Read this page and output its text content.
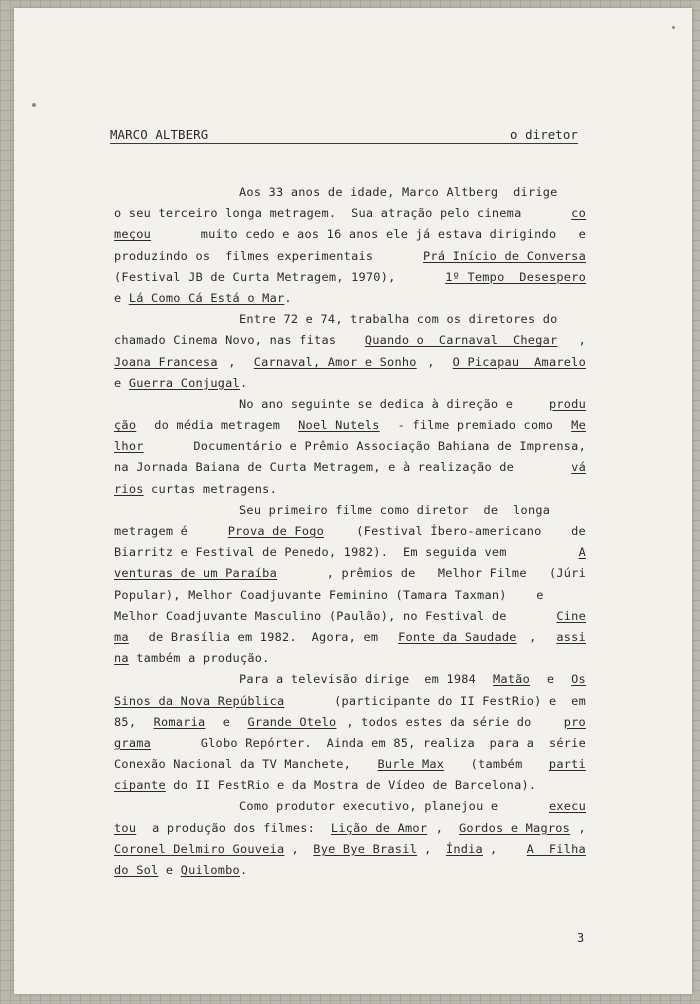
MARCO ALTBERG	o diretor
Aos 33 anos de idade, Marco Altberg  dirige
o seu terceiro longa metragem.  Sua atração pelo cinema	co
meçou	muito cedo e aos 16 anos ele já estava dirigindo   e
produzindo os  filmes experimentais	Prá Início de Conversa
(Festival JB de Curta Metragem, 1970),	1º Tempo  Desespero
e Lá Como Cá Está o Mar .
Entre 72 e 74, trabalha com os diretores do
chamado Cinema Novo, nas fitas Quando o  Carnaval  Chegar ,
Joana Francesa , Carnaval, Amor e Sonho , O Picapau  Amarelo
e Guerra Conjugal .
No ano seguinte se dedica à direção e produ
ção do média metragem Noel Nutels - filme premiado como Me
lhor	Documentário e Prêmio Associação Bahiana de Imprensa,
na Jornada Baiana de Curta Metragem, e à realização de	vá
rios curtas metragens.
Seu primeiro filme como diretor  de  longa
metragem é Prova de Fogo (Festival Íbero-americano    de
Biarritz e Festival de Penedo, 1982).  Em seguida vem	A
venturas de um Paraíba	, prêmios de   Melhor Filme   (Júri
Popular), Melhor Coadjuvante Feminino (Tamara Taxman)    e
Melhor Coadjuvante Masculino (Paulão), no Festival de	Cine
ma de Brasília em 1982.  Agora, em Fonte da Saudade , assi
na também a produção.
Para a televisão dirige  em 1984 Matão e Os
Sinos da Nova República	(participante do II FestRio) e  em
85, Romaria e Grande Otelo , todos estes da série do pro
grama	Globo Repórter.  Ainda em 85, realiza  para a  série
Conexão Nacional da TV Manchete, Burle Max (também parti
cipante do II FestRio e da Mostra de Vídeo de Barcelona).
Como produtor executivo, planejou e	execu
tou a produção dos filmes: Lição de Amor , Gordos e Magros ,
Coronel Delmiro Gouveia , Bye Bye Brasil , Índia , A  Filha
do Sol e Quilombo .
3
